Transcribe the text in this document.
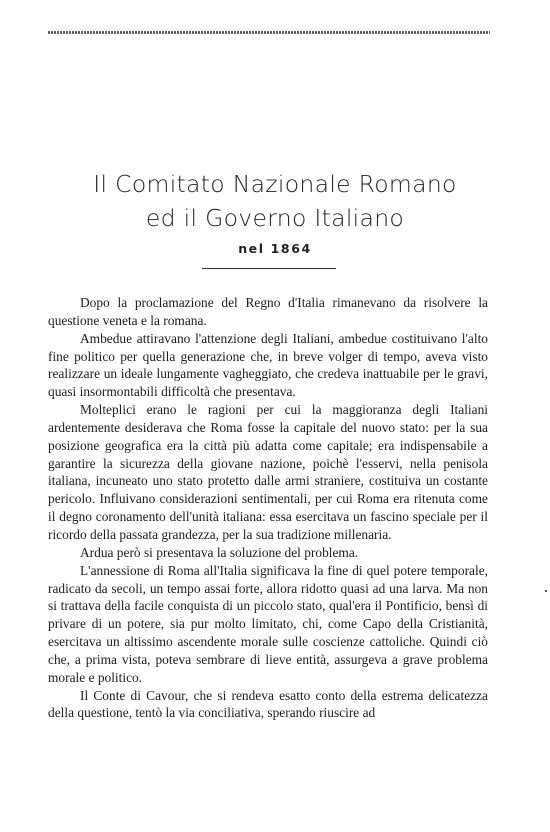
Il Comitato Nazionale Romano
ed il Governo Italiano
nel 1864

Dopo la proclamazione del Regno d'Italia rimanevano da risolvere la questione veneta e la romana.

Ambedue attiravano l'attenzione degli Italiani, ambedue costituivano l'alto fine politico per quella generazione che, in breve volger di tempo, aveva visto realizzare un ideale lungamente vagheggiato, che credeva inattuabile per le gravi, quasi insormontabili difficoltà che presentava.

Molteplici erano le ragioni per cui la maggioranza degli Italiani ardentemente desiderava che Roma fosse la capitale del nuovo stato: per la sua posizione geografica era la città più adatta come capitale; era indispensabile a garantire la sicurezza della giovane nazione, poichè l'esservi, nella penisola italiana, incuneato uno stato protetto dalle armi straniere, costituiva un costante pericolo. Influivano considerazioni sentimentali, per cui Roma era ritenuta come il degno coronamento dell'unità italiana: essa esercitava un fascino speciale per il ricordo della passata grandezza, per la sua tradizione millenaria.

Ardua però si presentava la soluzione del problema.

L'annessione di Roma all'Italia significava la fine di quel potere temporale, radicato da secoli, un tempo assai forte, allora ridotto quasi ad una larva. Ma non si trattava della facile conquista di un piccolo stato, qual'era il Pontificio, bensì di privare di un potere, sia pur molto limitato, chi, come Capo della Cristianità, esercitava un altissimo ascendente morale sulle coscienze cattoliche. Quindi ciò che, a prima vista, poteva sembrare di lieve entità, assurgeva a grave problema morale e politico.

Il Conte di Cavour, che si rendeva esatto conto della estrema delicatezza della questione, tentò la via conciliativa, sperando riuscire ad
